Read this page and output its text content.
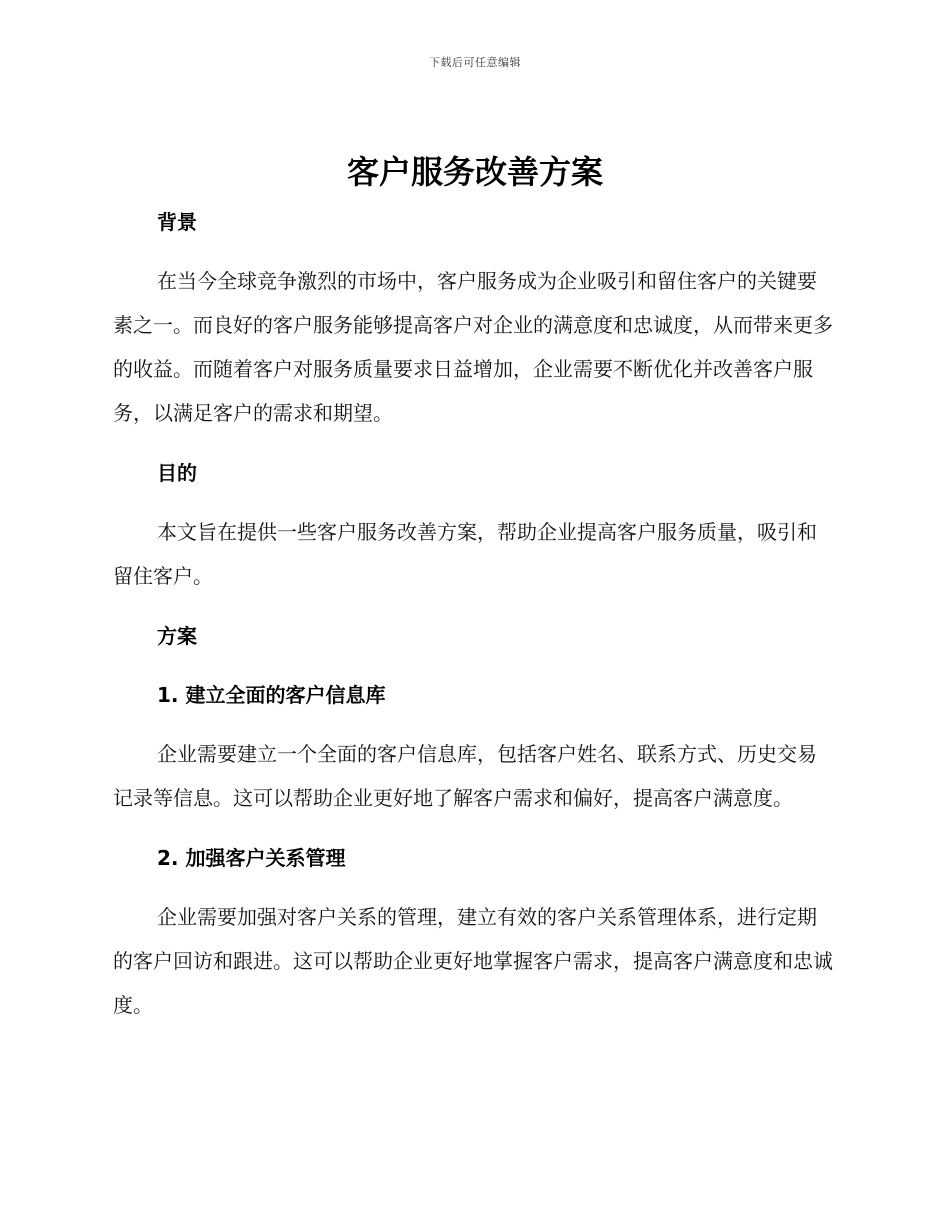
下载后可任意编辑
客户服务改善方案
背景

在当今全球竞争激烈的市场中，客户服务成为企业吸引和留住客户的关键要素之一。而良好的客户服务能够提高客户对企业的满意度和忠诚度，从而带来更多的收益。而随着客户对服务质量要求日益增加，企业需要不断优化并改善客户服务，以满足客户的需求和期望。

目的

本文旨在提供一些客户服务改善方案，帮助企业提高客户服务质量，吸引和留住客户。

方案
1. 建立全面的客户信息库

企业需要建立一个全面的客户信息库，包括客户姓名、联系方式、历史交易记录等信息。这可以帮助企业更好地了解客户需求和偏好，提高客户满意度。

2. 加强客户关系管理

企业需要加强对客户关系的管理，建立有效的客户关系管理体系，进行定期的客户回访和跟进。这可以帮助企业更好地掌握客户需求，提高客户满意度和忠诚度。
